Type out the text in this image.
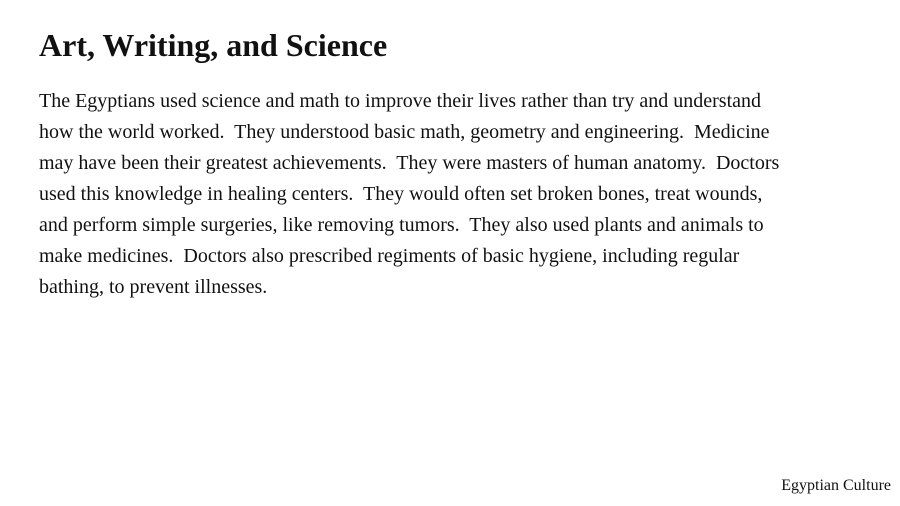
Art, Writing, and Science
The Egyptians used science and math to improve their lives rather than try and understand
how the world worked.  They understood basic math, geometry and engineering.  Medicine
may have been their greatest achievements.  They were masters of human anatomy.  Doctors
used this knowledge in healing centers.  They would often set broken bones, treat wounds,
and perform simple surgeries, like removing tumors.  They also used plants and animals to
make medicines.  Doctors also prescribed regiments of basic hygiene, including regular
bathing, to prevent illnesses.
Egyptian Culture
